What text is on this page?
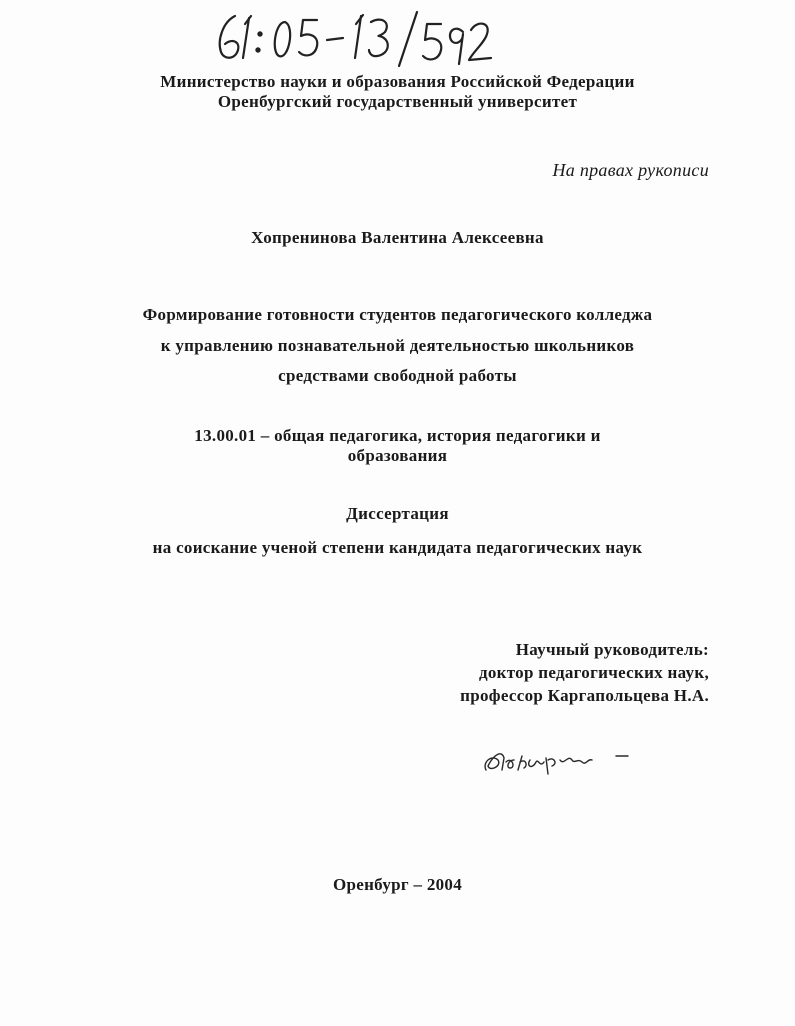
Министерство науки и образования Российской Федерации
Оренбургский государственный университет
На правах рукописи
Хопренинова Валентина Алексеевна
Формирование готовности студентов педагогического колледжа
к управлению познавательной деятельностью школьников
средствами свободной работы
13.00.01 – общая педагогика, история педагогики и
образования
Диссертация
на соискание ученой степени кандидата педагогических наук
Научный руководитель:
доктор педагогических наук,
профессор Каргапольцева Н.А.
Оренбург – 2004
